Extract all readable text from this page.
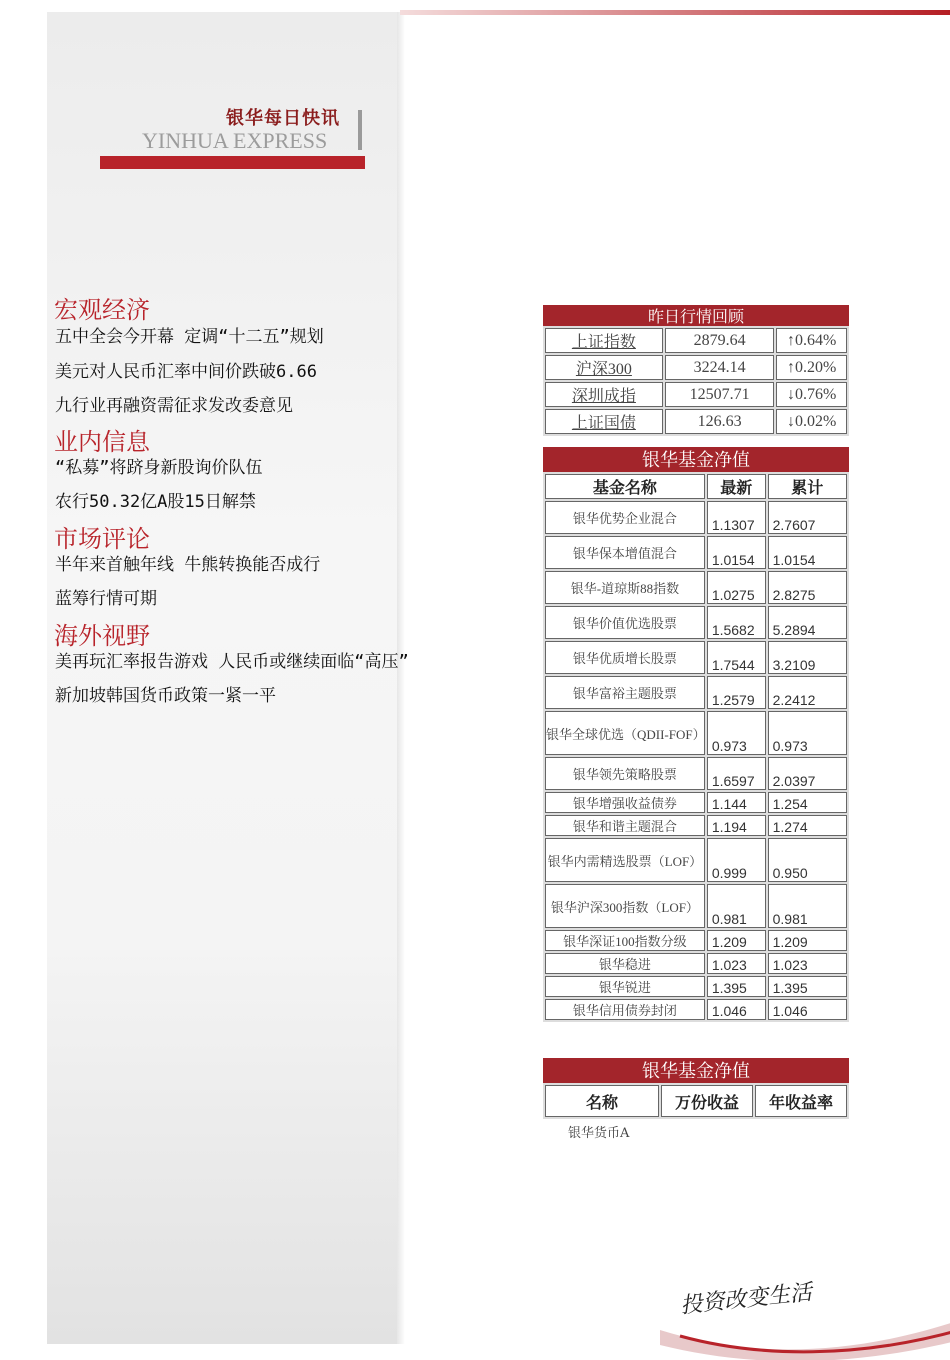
银华每日快讯
YINHUA EXPRESS
宏观经济
五中全会今开幕 定调“十二五”规划
美元对人民币汇率中间价跌破6.66
九行业再融资需征求发改委意见
业内信息
“私募”将跻身新股询价队伍
农行50.32亿A股15日解禁
市场评论
半年来首触年线 牛熊转换能否成行
蓝筹行情可期
海外视野
美再玩汇率报告游戏 人民币或继续面临“高压”
新加坡韩国货币政策一紧一平
昨日行情回顾
上证指数	2879.64	↑0.64%
沪深300	3224.14	↑0.20%
深圳成指	12507.71	↓0.76%
上证国债	126.63	↓0.02%
银华基金净值
基金名称	最新	累计
银华优势企业混合	1.1307	2.7607
银华保本增值混合	1.0154	1.0154
银华-道琼斯88指数	1.0275	2.8275
银华价值优选股票	1.5682	5.2894
银华优质增长股票	1.7544	3.2109
银华富裕主题股票	1.2579	2.2412
银华全球优选（QDII-FOF）	0.973	0.973
银华领先策略股票	1.6597	2.0397
银华增强收益债券	1.144	1.254
银华和谐主题混合	1.194	1.274
银华内需精选股票（LOF）	0.999	0.950
银华沪深300指数（LOF）	0.981	0.981
银华深证100指数分级	1.209	1.209
银华稳进	1.023	1.023
银华锐进	1.395	1.395
银华信用债券封闭	1.046	1.046
银华基金净值
名称	万份收益	年收益率
银华货币A
投资改变生活
